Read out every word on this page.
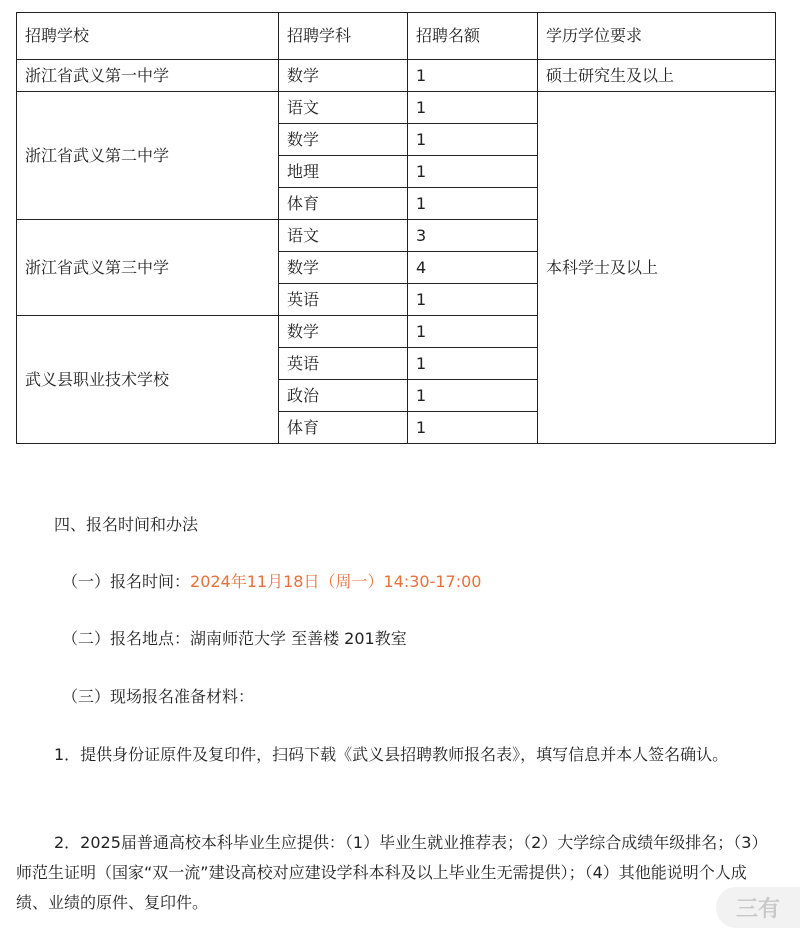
招聘学校	招聘学科	招聘名额	学历学位要求
浙江省武义第一中学	数学	1	硕士研究生及以上
浙江省武义第二中学	语文	1	本科学士及以上
	数学	1	
	地理	1	
	体育	1	
浙江省武义第三中学	语文	3	
	数学	4	
	英语	1	
武义县职业技术学校	数学	1	
	英语	1	
	政治	1	
	体育	1	
四、报名时间和办法
（一）报名时间：2024年11月18日（周一）14:30-17:00
（二）报名地点：湖南师范大学 至善楼 201教室
（三）现场报名准备材料：
1．提供身份证原件及复印件，扫码下载《武义县招聘教师报名表》，填写信息并本人签名确认。
2．2025届普通高校本科毕业生应提供：（1）毕业生就业推荐表；（2）大学综合成绩年级排名；（3）师范生证明（国家“双一流”建设高校对应建设学科本科及以上毕业生无需提供）；（4）其他能说明个人成绩、业绩的原件、复印件。	三有
